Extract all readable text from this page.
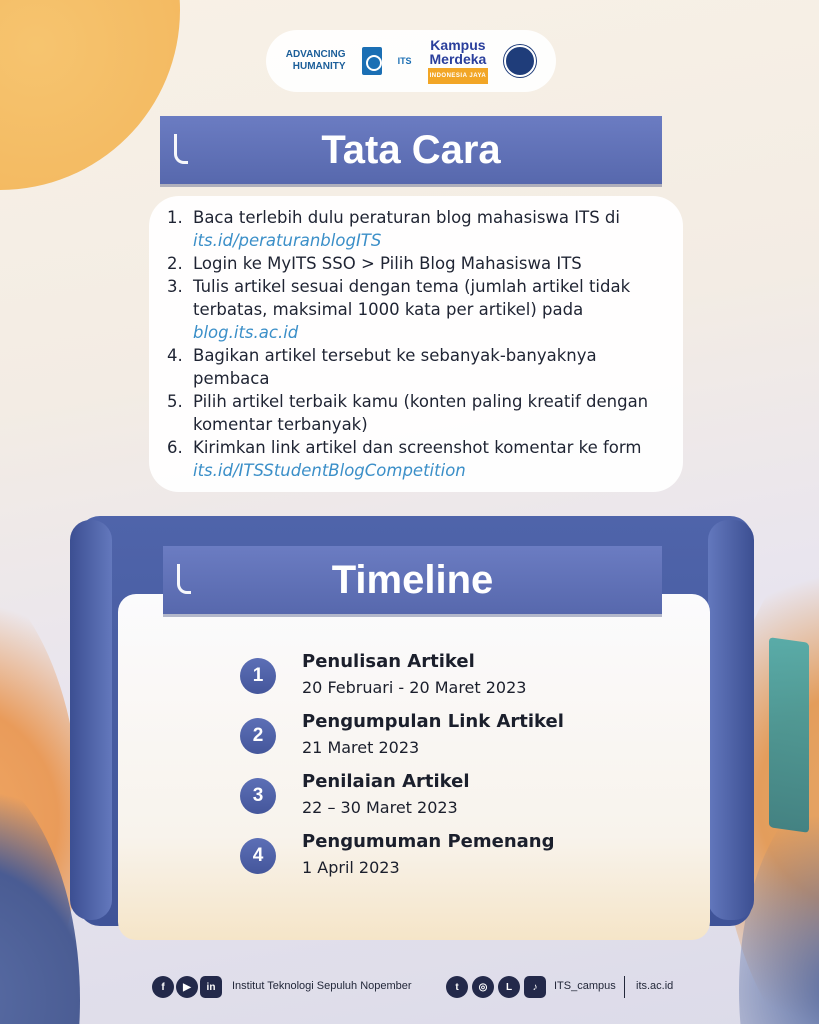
ADVANCING
HUMANITY	ITS
Kampus
Merdeka
INDONESIA JAYA
Tata Cara
1. Baca terlebih dulu peraturan blog mahasiswa ITS di its.id/peraturanblogITS
2. Login ke MyITS SSO > Pilih Blog Mahasiswa ITS
3. Tulis artikel sesuai dengan tema (jumlah artikel tidak terbatas, maksimal 1000 kata per artikel) pada blog.its.ac.id
4. Bagikan artikel tersebut ke sebanyak-banyaknya pembaca
5. Pilih artikel terbaik kamu (konten paling kreatif dengan komentar terbanyak)
6. Kirimkan link artikel dan screenshot komentar ke form its.id/ITSStudentBlogCompetition
1
Penulisan Artikel
20 Februari - 20 Maret 2023
2
Pengumpulan Link Artikel
21 Maret 2023
3
Penilaian Artikel
22 – 30 Maret 2023
4
Pengumuman Pemenang
1 April 2023
Timeline
f	▶	in	Institut Teknologi Sepuluh Nopember	t	◎	L	♪	ITS_campus its.ac.id
